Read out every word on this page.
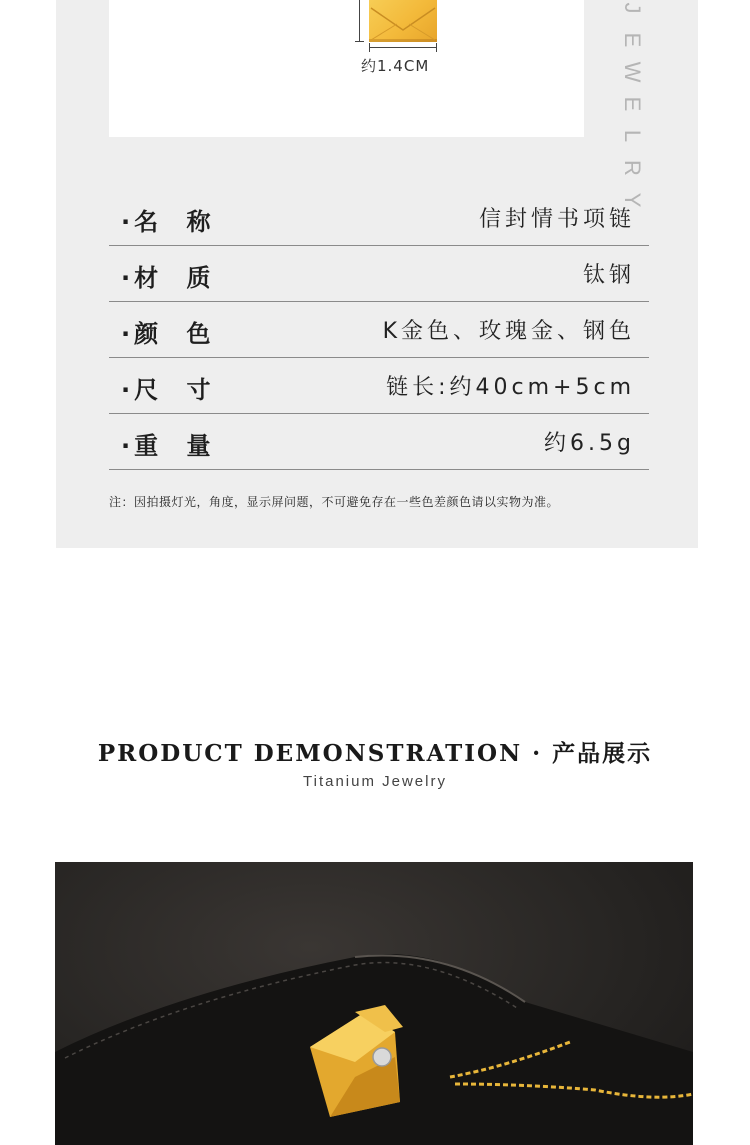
约1.4CM
J
E
W
E
L
R
Y
·名 称	信封情书项链
·材 质	钛钢
·颜 色	K金色、玫瑰金、钢色
·尺 寸	链长:约40cm+5cm
·重 量	约6.5g
注：因拍摄灯光，角度，显示屏问题，不可避免存在一些色差颜色请以实物为准。
PRODUCT DEMONSTRATION · 产品展示
Titanium Jewelry
